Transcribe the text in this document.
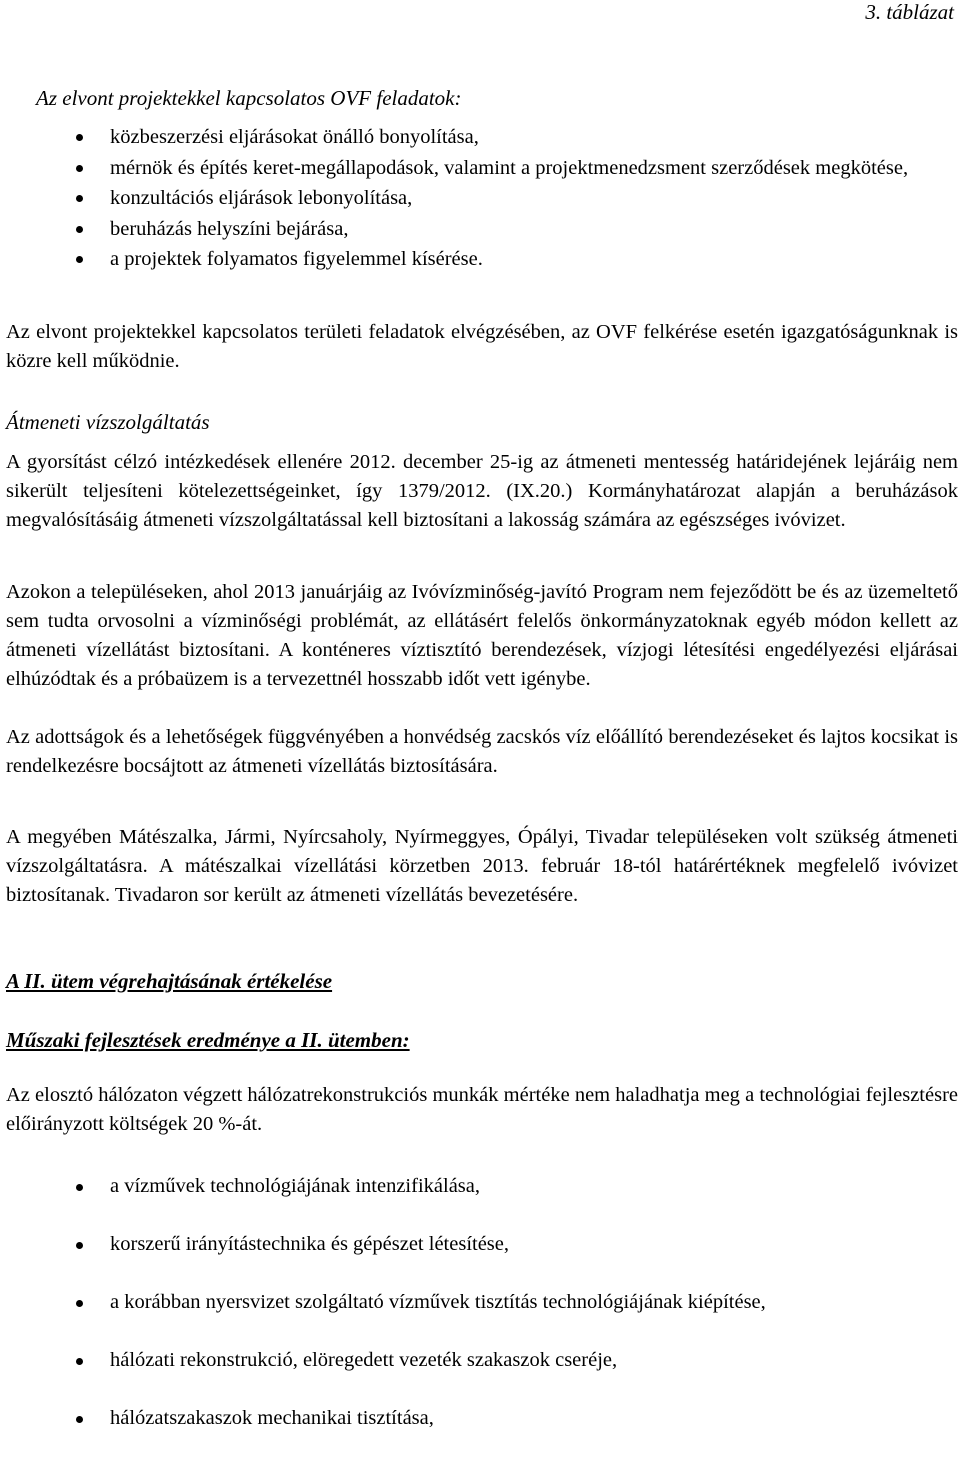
3. táblázat

Az elvont projektekkel kapcsolatos OVF feladatok:

közbeszerzési eljárásokat önálló bonyolítása,
mérnök és építés keret-megállapodások, valamint a projektmenedzsment szerződések megkötése,
konzultációs eljárások lebonyolítása,
beruházás helyszíni bejárása,
a projektek folyamatos figyelemmel kísérése.

Az elvont projektekkel kapcsolatos területi feladatok elvégzésében, az OVF felkérése esetén igazgatóságunknak is közre kell működnie.

Átmeneti vízszolgáltatás

A gyorsítást célzó intézkedések ellenére 2012. december 25-ig az átmeneti mentesség határidejének lejáráig nem sikerült teljesíteni kötelezettségeinket, így 1379/2012. (IX.20.) Kormányhatározat alapján a beruházások megvalósításáig átmeneti vízszolgáltatással kell biztosítani a lakosság számára az egészséges ivóvizet.

Azokon a településeken, ahol 2013 januárjáig az Ivóvízminőség-javító Program nem fejeződött be és az üzemeltető sem tudta orvosolni a vízminőségi problémát, az ellátásért felelős önkormányzatoknak egyéb módon kellett az átmeneti vízellátást biztosítani. A konténeres víztisztító berendezések, vízjogi létesítési engedélyezési eljárásai elhúzódtak és a próbaüzem is a tervezettnél hosszabb időt vett igénybe.

Az adottságok és a lehetőségek függvényében a honvédség zacskós víz előállító berendezéseket és lajtos kocsikat is rendelkezésre bocsájtott az átmeneti vízellátás biztosítására.

A megyében Mátészalka, Jármi, Nyírcsaholy, Nyírmeggyes, Ópályi, Tivadar településeken volt szükség átmeneti vízszolgáltatásra. A mátészalkai vízellátási körzetben 2013. február 18-tól határértéknek megfelelő ivóvizet biztosítanak. Tivadaron sor került az átmeneti vízellátás bevezetésére.

A II. ütem végrehajtásának értékelése

Műszaki fejlesztések eredménye a II. ütemben:

Az elosztó hálózaton végzett hálózatrekonstrukciós munkák mértéke nem haladhatja meg a technológiai fejlesztésre előirányzott költségek 20 %-át.

a vízművek technológiájának intenzifikálása,
korszerű irányítástechnika és gépészet létesítése,
a korábban nyersvizet szolgáltató vízművek tisztítás technológiájának kiépítése,
hálózati rekonstrukció, elöregedett vezeték szakaszok cseréje,
hálózatszakaszok mechanikai tisztítása,
